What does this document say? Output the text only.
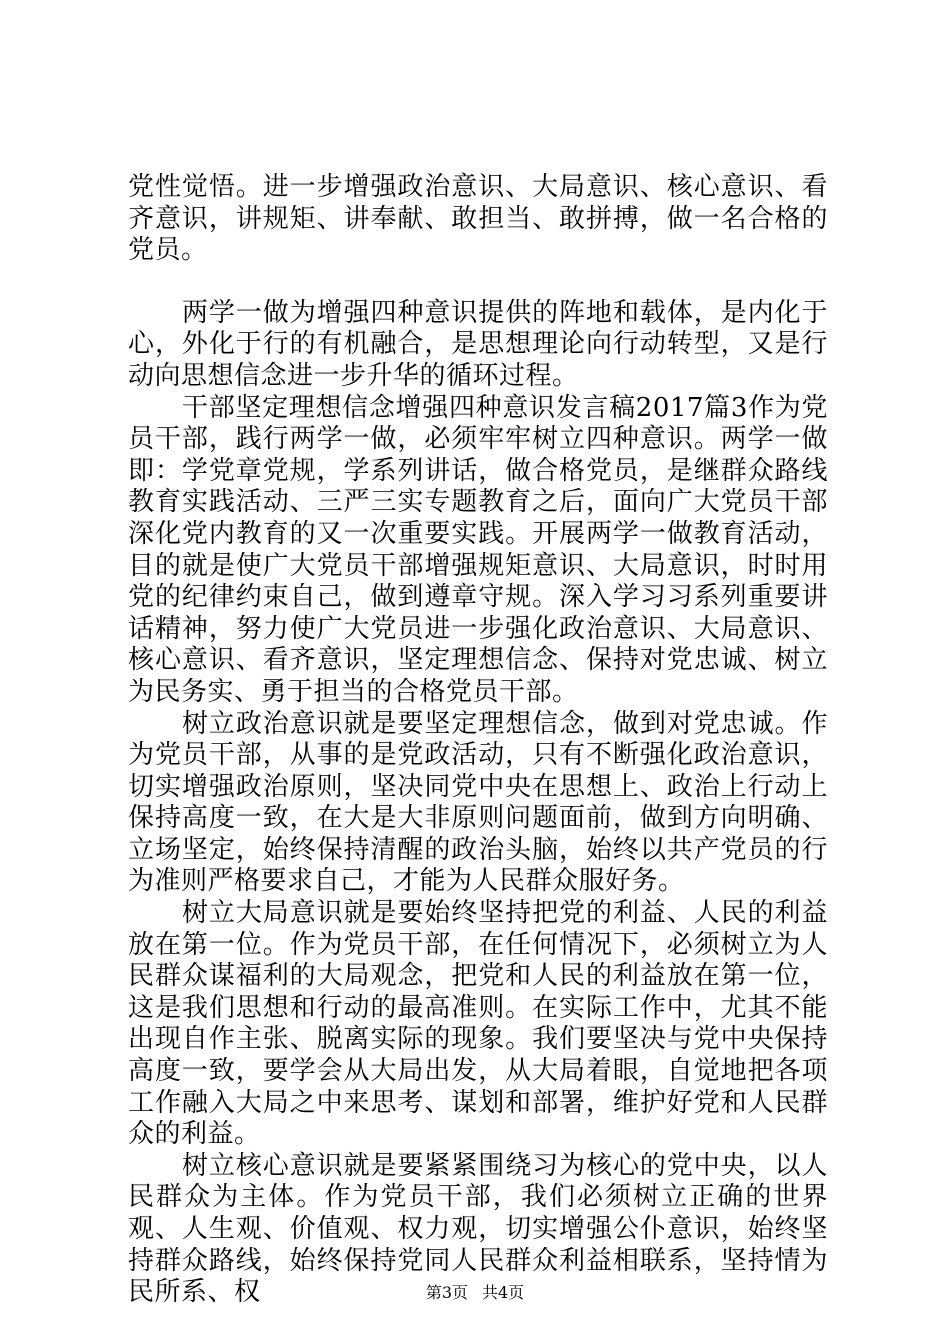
党性觉悟。进一步增强政治意识、大局意识、核心意识、看齐意识，讲规矩、讲奉献、敢担当、敢拼搏，做一名合格的党员。

两学一做为增强四种意识提供的阵地和载体，是内化于心，外化于行的有机融合，是思想理论向行动转型，又是行动向思想信念进一步升华的循环过程。

干部坚定理想信念增强四种意识发言稿2017篇3作为党员干部，践行两学一做，必须牢牢树立四种意识。两学一做即：学党章党规，学系列讲话，做合格党员，是继群众路线教育实践活动、三严三实专题教育之后，面向广大党员干部深化党内教育的又一次重要实践。开展两学一做教育活动，目的就是使广大党员干部增强规矩意识、大局意识，时时用党的纪律约束自己，做到遵章守规。深入学习习系列重要讲话精神，努力使广大党员进一步强化政治意识、大局意识、核心意识、看齐意识，坚定理想信念、保持对党忠诚、树立为民务实、勇于担当的合格党员干部。

树立政治意识就是要坚定理想信念，做到对党忠诚。作为党员干部，从事的是党政活动，只有不断强化政治意识，切实增强政治原则，坚决同党中央在思想上、政治上行动上保持高度一致，在大是大非原则问题面前，做到方向明确、立场坚定，始终保持清醒的政治头脑，始终以共产党员的行为准则严格要求自己，才能为人民群众服好务。

树立大局意识就是要始终坚持把党的利益、人民的利益放在第一位。作为党员干部，在任何情况下，必须树立为人民群众谋福利的大局观念，把党和人民的利益放在第一位，这是我们思想和行动的最高准则。在实际工作中，尤其不能出现自作主张、脱离实际的现象。我们要坚决与党中央保持高度一致，要学会从大局出发，从大局着眼，自觉地把各项工作融入大局之中来思考、谋划和部署，维护好党和人民群众的利益。

树立核心意识就是要紧紧围绕习为核心的党中央，以人民群众为主体。作为党员干部，我们必须树立正确的世界观、人生观、价值观、权力观，切实增强公仆意识，始终坚持群众路线，始终保持党同人民群众利益相联系，坚持情为民所系、权	第3页 共4页
